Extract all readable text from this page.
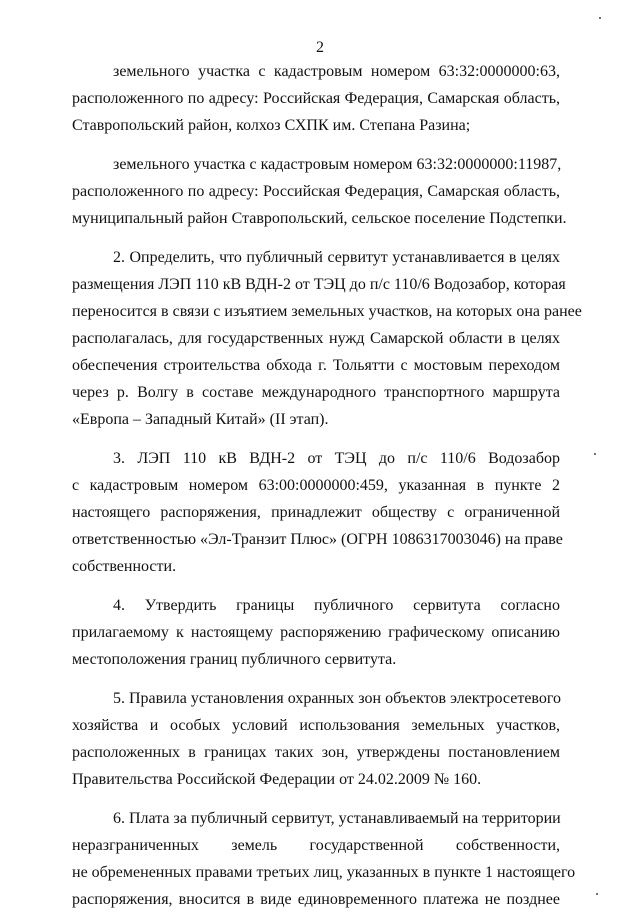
2
земельного участка с кадастровым номером 63:32:0000000:63,
расположенного по адресу: Российская Федерация, Самарская область,
Ставропольский район, колхоз СХПК им. Степана Разина;
земельного участка с кадастровым номером 63:32:0000000:11987,
расположенного по адресу: Российская Федерация, Самарская область,
муниципальный район Ставропольский, сельское поселение Подстепки.
2. Определить, что публичный сервитут устанавливается в целях
размещения ЛЭП 110 кВ ВДН-2 от ТЭЦ до п/с 110/6 Водозабор, которая
переносится в связи с изъятием земельных участков, на которых она ранее
располагалась, для государственных нужд Самарской области в целях
обеспечения строительства обхода г. Тольятти с мостовым переходом
через р. Волгу в составе международного транспортного маршрута
«Европа – Западный Китай» (II этап).
3. ЛЭП 110 кВ ВДН-2 от ТЭЦ до п/с 110/6 Водозабор
с кадастровым номером 63:00:0000000:459, указанная в пункте 2
настоящего распоряжения, принадлежит обществу с ограниченной
ответственностью «Эл-Транзит Плюс» (ОГРН 1086317003046) на праве
собственности.
4. Утвердить границы публичного сервитута согласно
прилагаемому к настоящему распоряжению графическому описанию
местоположения границ публичного сервитута.
5. Правила установления охранных зон объектов электросетевого
хозяйства и особых условий использования земельных участков,
расположенных в границах таких зон, утверждены постановлением
Правительства Российской Федерации от 24.02.2009 № 160.
6. Плата за публичный сервитут, устанавливаемый на территории
неразграниченных земель государственной собственности,
не обремененных правами третьих лиц, указанных в пункте 1 настоящего
распоряжения, вносится в виде единовременного платежа не позднее
